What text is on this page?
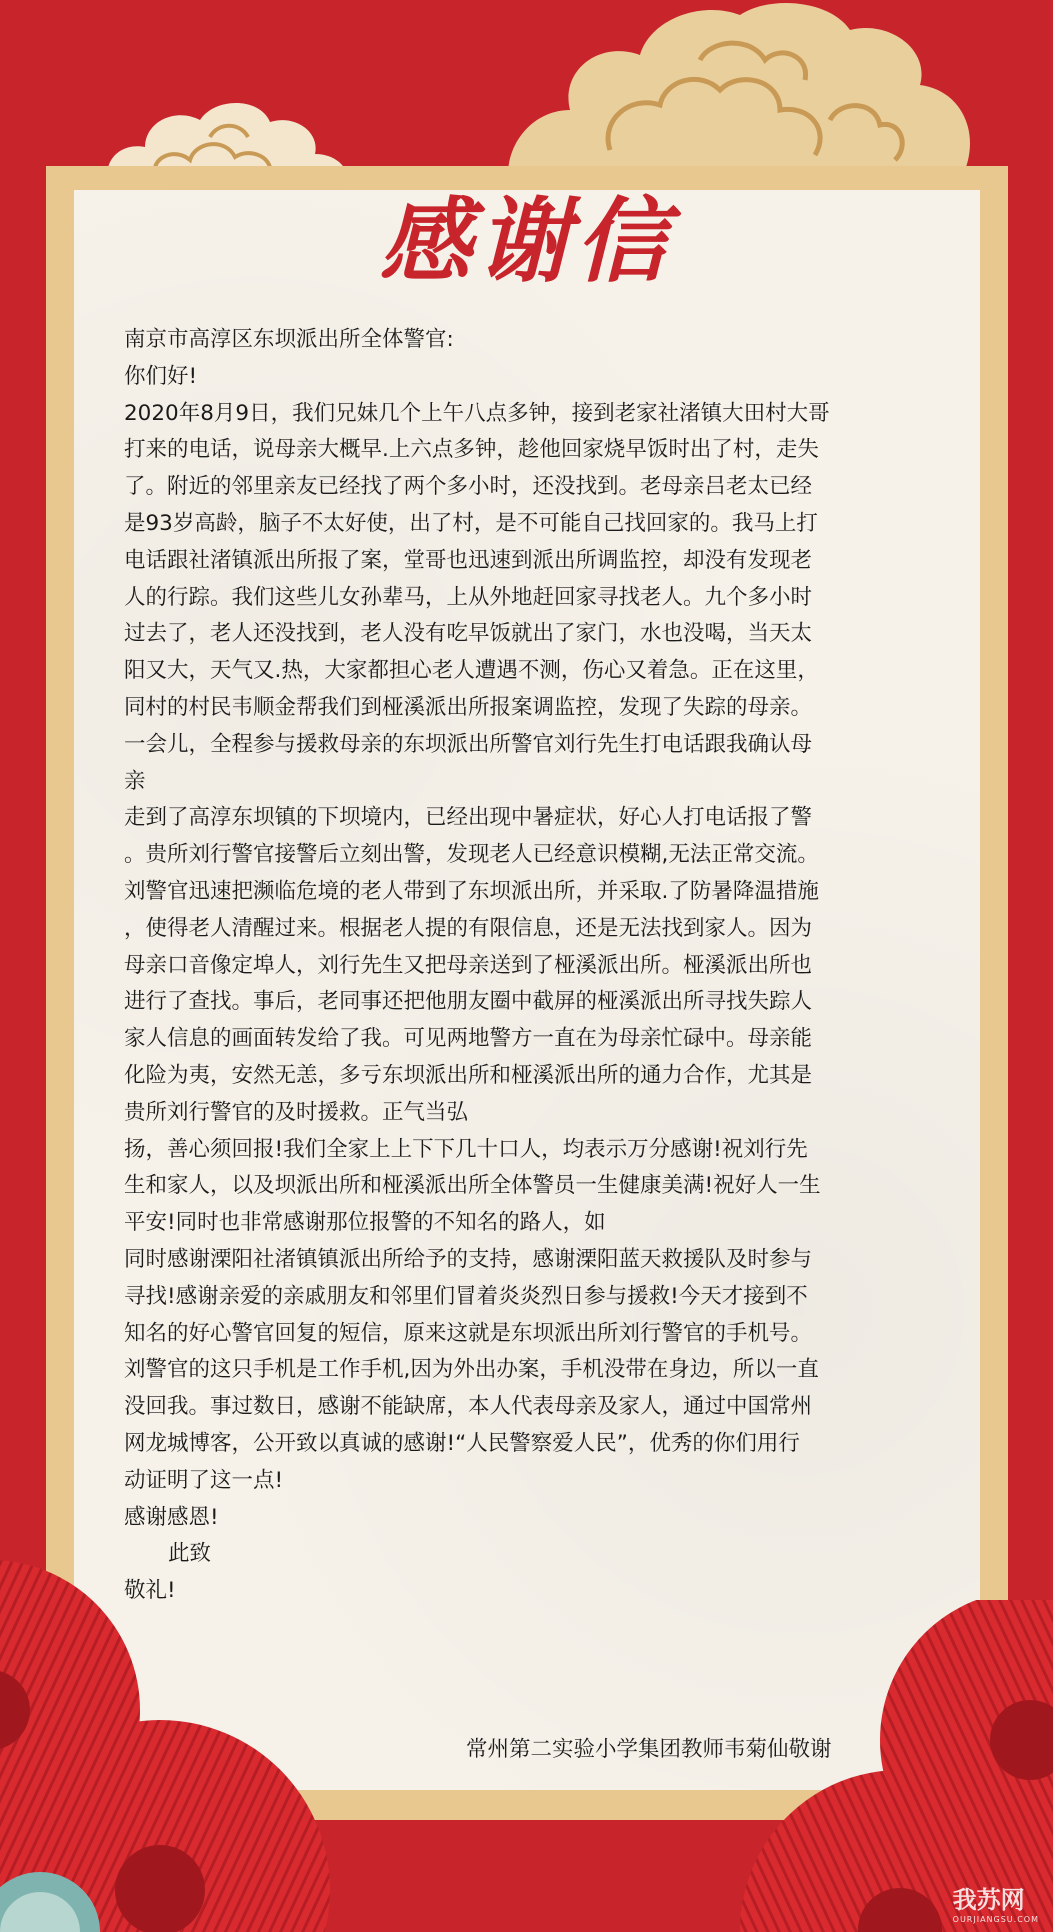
感谢信
南京市高淳区东坝派出所全体警官:
你们好!
2020年8月9日，我们兄妹几个上午八点多钟，接到老家社渚镇大田村大哥
打来的电话，说母亲大概早.上六点多钟，趁他回家烧早饭时出了村，走失
了。附近的邻里亲友已经找了两个多小时，还没找到。老母亲吕老太已经
是93岁高龄，脑子不太好使，出了村，是不可能自己找回家的。我马上打
电话跟社渚镇派出所报了案，堂哥也迅速到派出所调监控，却没有发现老
人的行踪。我们这些儿女孙辈马，上从外地赶回家寻找老人。九个多小时
过去了，老人还没找到，老人没有吃早饭就出了家门，水也没喝，当天太
阳又大，天气又.热，大家都担心老人遭遇不测，伤心又着急。正在这里，
同村的村民韦顺金帮我们到桠溪派出所报案调监控，发现了失踪的母亲。
一会儿，全程参与援救母亲的东坝派出所警官刘行先生打电话跟我确认母
亲
走到了高淳东坝镇的下坝境内，已经出现中暑症状，好心人打电话报了警
。贵所刘行警官接警后立刻出警，发现老人已经意识模糊,无法正常交流。
刘警官迅速把濒临危境的老人带到了东坝派出所，并采取.了防暑降温措施
，使得老人清醒过来。根据老人提的有限信息，还是无法找到家人。因为
母亲口音像定埠人，刘行先生又把母亲送到了桠溪派出所。桠溪派出所也
进行了查找。事后，老同事还把他朋友圈中截屏的桠溪派出所寻找失踪人
家人信息的画面转发给了我。可见两地警方一直在为母亲忙碌中。母亲能
化险为夷，安然无恙，多亏东坝派出所和桠溪派出所的通力合作，尤其是
贵所刘行警官的及时援救。正气当弘
扬，善心须回报!我们全家上上下下几十口人，均表示万分感谢!祝刘行先
生和家人，以及坝派出所和桠溪派出所全体警员一生健康美满!祝好人一生
平安!同时也非常感谢那位报警的不知名的路人，如
同时感谢溧阳社渚镇镇派出所给予的支持，感谢溧阳蓝天救援队及时参与
寻找!感谢亲爱的亲戚朋友和邻里们冒着炎炎烈日参与援救!今天才接到不
知名的好心警官回复的短信，原来这就是东坝派出所刘行警官的手机号。
刘警官的这只手机是工作手机,因为外出办案，手机没带在身边，所以一直
没回我。事过数日，感谢不能缺席，本人代表母亲及家人，通过中国常州
网龙城博客，公开致以真诚的感谢!“人民警察爱人民”，优秀的你们用行
动证明了这一点!
感谢感恩!
此致
敬礼!
常州第二实验小学集团教师韦菊仙敬谢
我苏网
OURJIANGSU.COM
